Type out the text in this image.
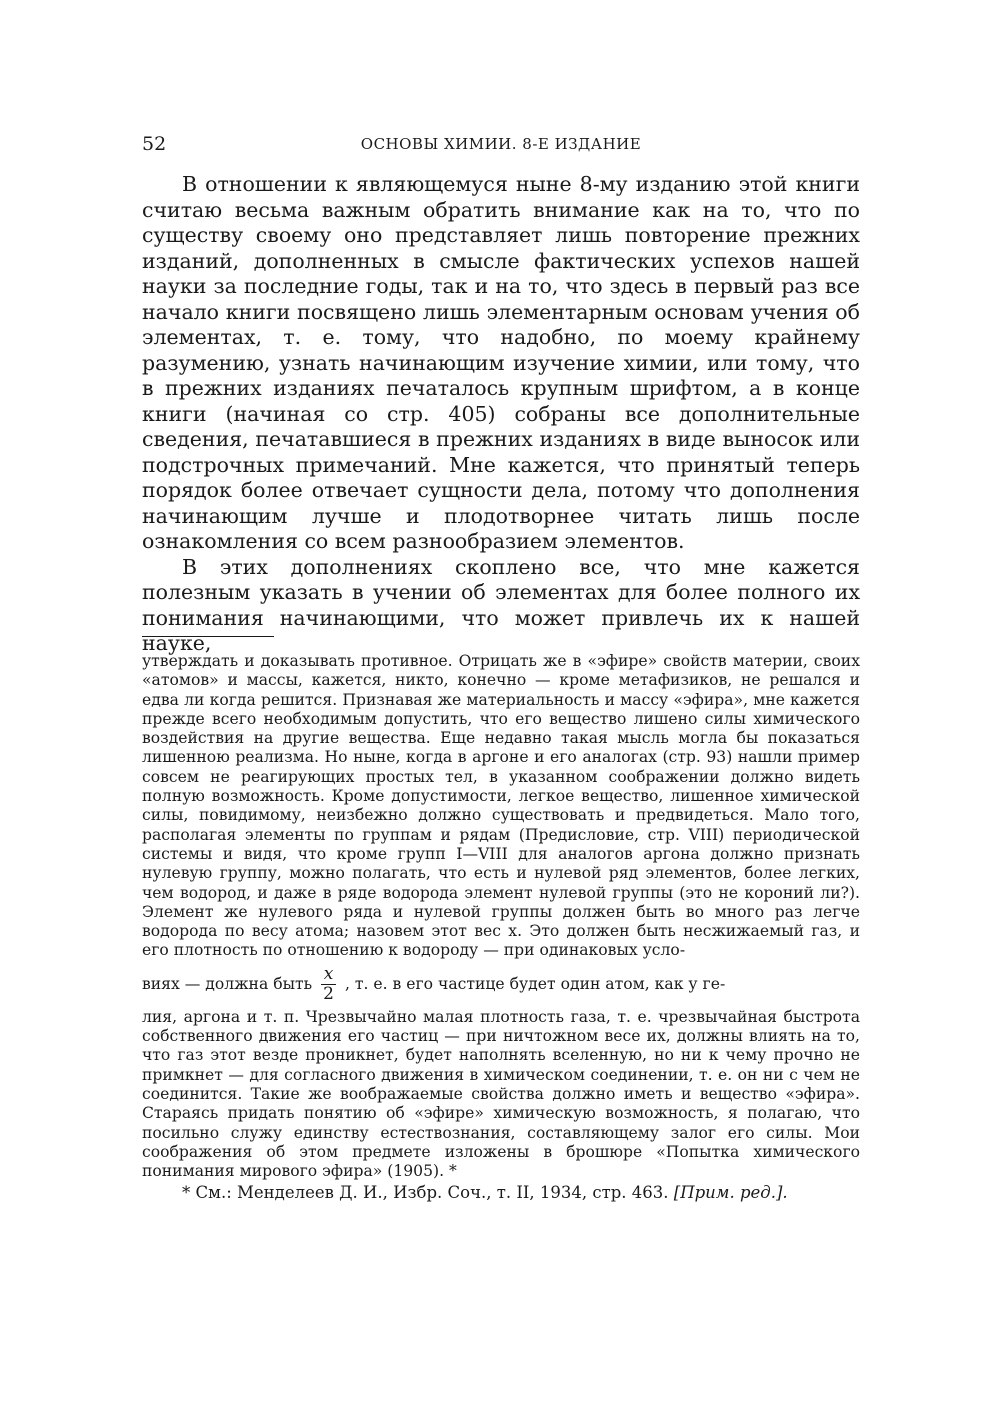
52	ОСНОВЫ ХИМИИ. 8-Е ИЗДАНИЕ

В отношении к являющемуся ныне 8-му изданию этой книги считаю весьма важным обратить внимание как на то, что по существу своему оно представляет лишь повторение прежних изданий, дополненных в смысле фактических успехов нашей науки за последние годы, так и на то, что здесь в первый раз все начало книги посвящено лишь элементарным основам учения об элементах, т. е. тому, что надобно, по моему крайнему разумению, узнать начинающим изучение химии, или тому, что в прежних изданиях печаталось крупным шрифтом, а в конце книги (начиная со стр. 405) собраны все дополнительные сведения, печатавшиеся в прежних изданиях в виде выносок или подстрочных примечаний. Мне кажется, что принятый теперь порядок более отвечает сущности дела, потому что дополнения начинающим лучше и плодотворнее читать лишь после ознакомления со всем разнообразием элементов.

В этих дополнениях скоплено все, что мне кажется полезным указать в учении об элементах для более полного их понимания начинающими, что может привлечь их к нашей науке,

утверждать и доказывать противное. Отрицать же в «эфире» свойств материи, своих «атомов» и массы, кажется, никто, конечно — кроме метафизиков, не решался и едва ли когда решится. Признавая же материальность и массу «эфира», мне кажется прежде всего необходимым допустить, что его вещество лишено силы химического воздействия на другие вещества. Еще недавно такая мысль могла бы показаться лишенною реализма. Но ныне, когда в аргоне и его аналогах (стр. 93) нашли пример совсем не реагирующих простых тел, в указанном соображении должно видеть полную возможность. Кроме допустимости, легкое вещество, лишенное химической силы, повидимому, неизбежно должно существовать и предвидеться. Мало того, располагая элементы по группам и рядам (Предисловие, стр. VIII) периодической системы и видя, что кроме групп I—VIII для аналогов аргона должно признать нулевую группу, можно полагать, что есть и нулевой ряд элементов, более легких, чем водород, и даже в ряде водорода элемент нулевой группы (это не короний ли?). Элемент же нулевого ряда и нулевой группы должен быть во много раз легче водорода по весу атома; назовем этот вес x. Это должен быть несжижаемый газ, и его плотность по отношению к водороду — при одинаковых усло-

виях — должна быть $\frac{x}{2}$ , т. е. в его частице будет один атом, как у ге-

лия, аргона и т. п. Чрезвычайно малая плотность газа, т. е. чрезвычайная быстрота собственного движения его частиц — при ничтожном весе их, должны влиять на то, что газ этот везде проникнет, будет наполнять вселенную, но ни к чему прочно не примкнет — для согласного движения в химическом соединении, т. е. он ни с чем не соединится. Такие же воображаемые свойства должно иметь и вещество «эфира». Стараясь придать понятию об «эфире» химическую возможность, я полагаю, что посильно служу единству естествознания, составляющему залог его силы. Мои соображения об этом предмете изложены в брошюре «Попытка химического понимания мирового эфира» (1905). *

* См.: Менделеев Д. И., Избр. Соч., т. II, 1934, стр. 463. [Прим. ред.].
